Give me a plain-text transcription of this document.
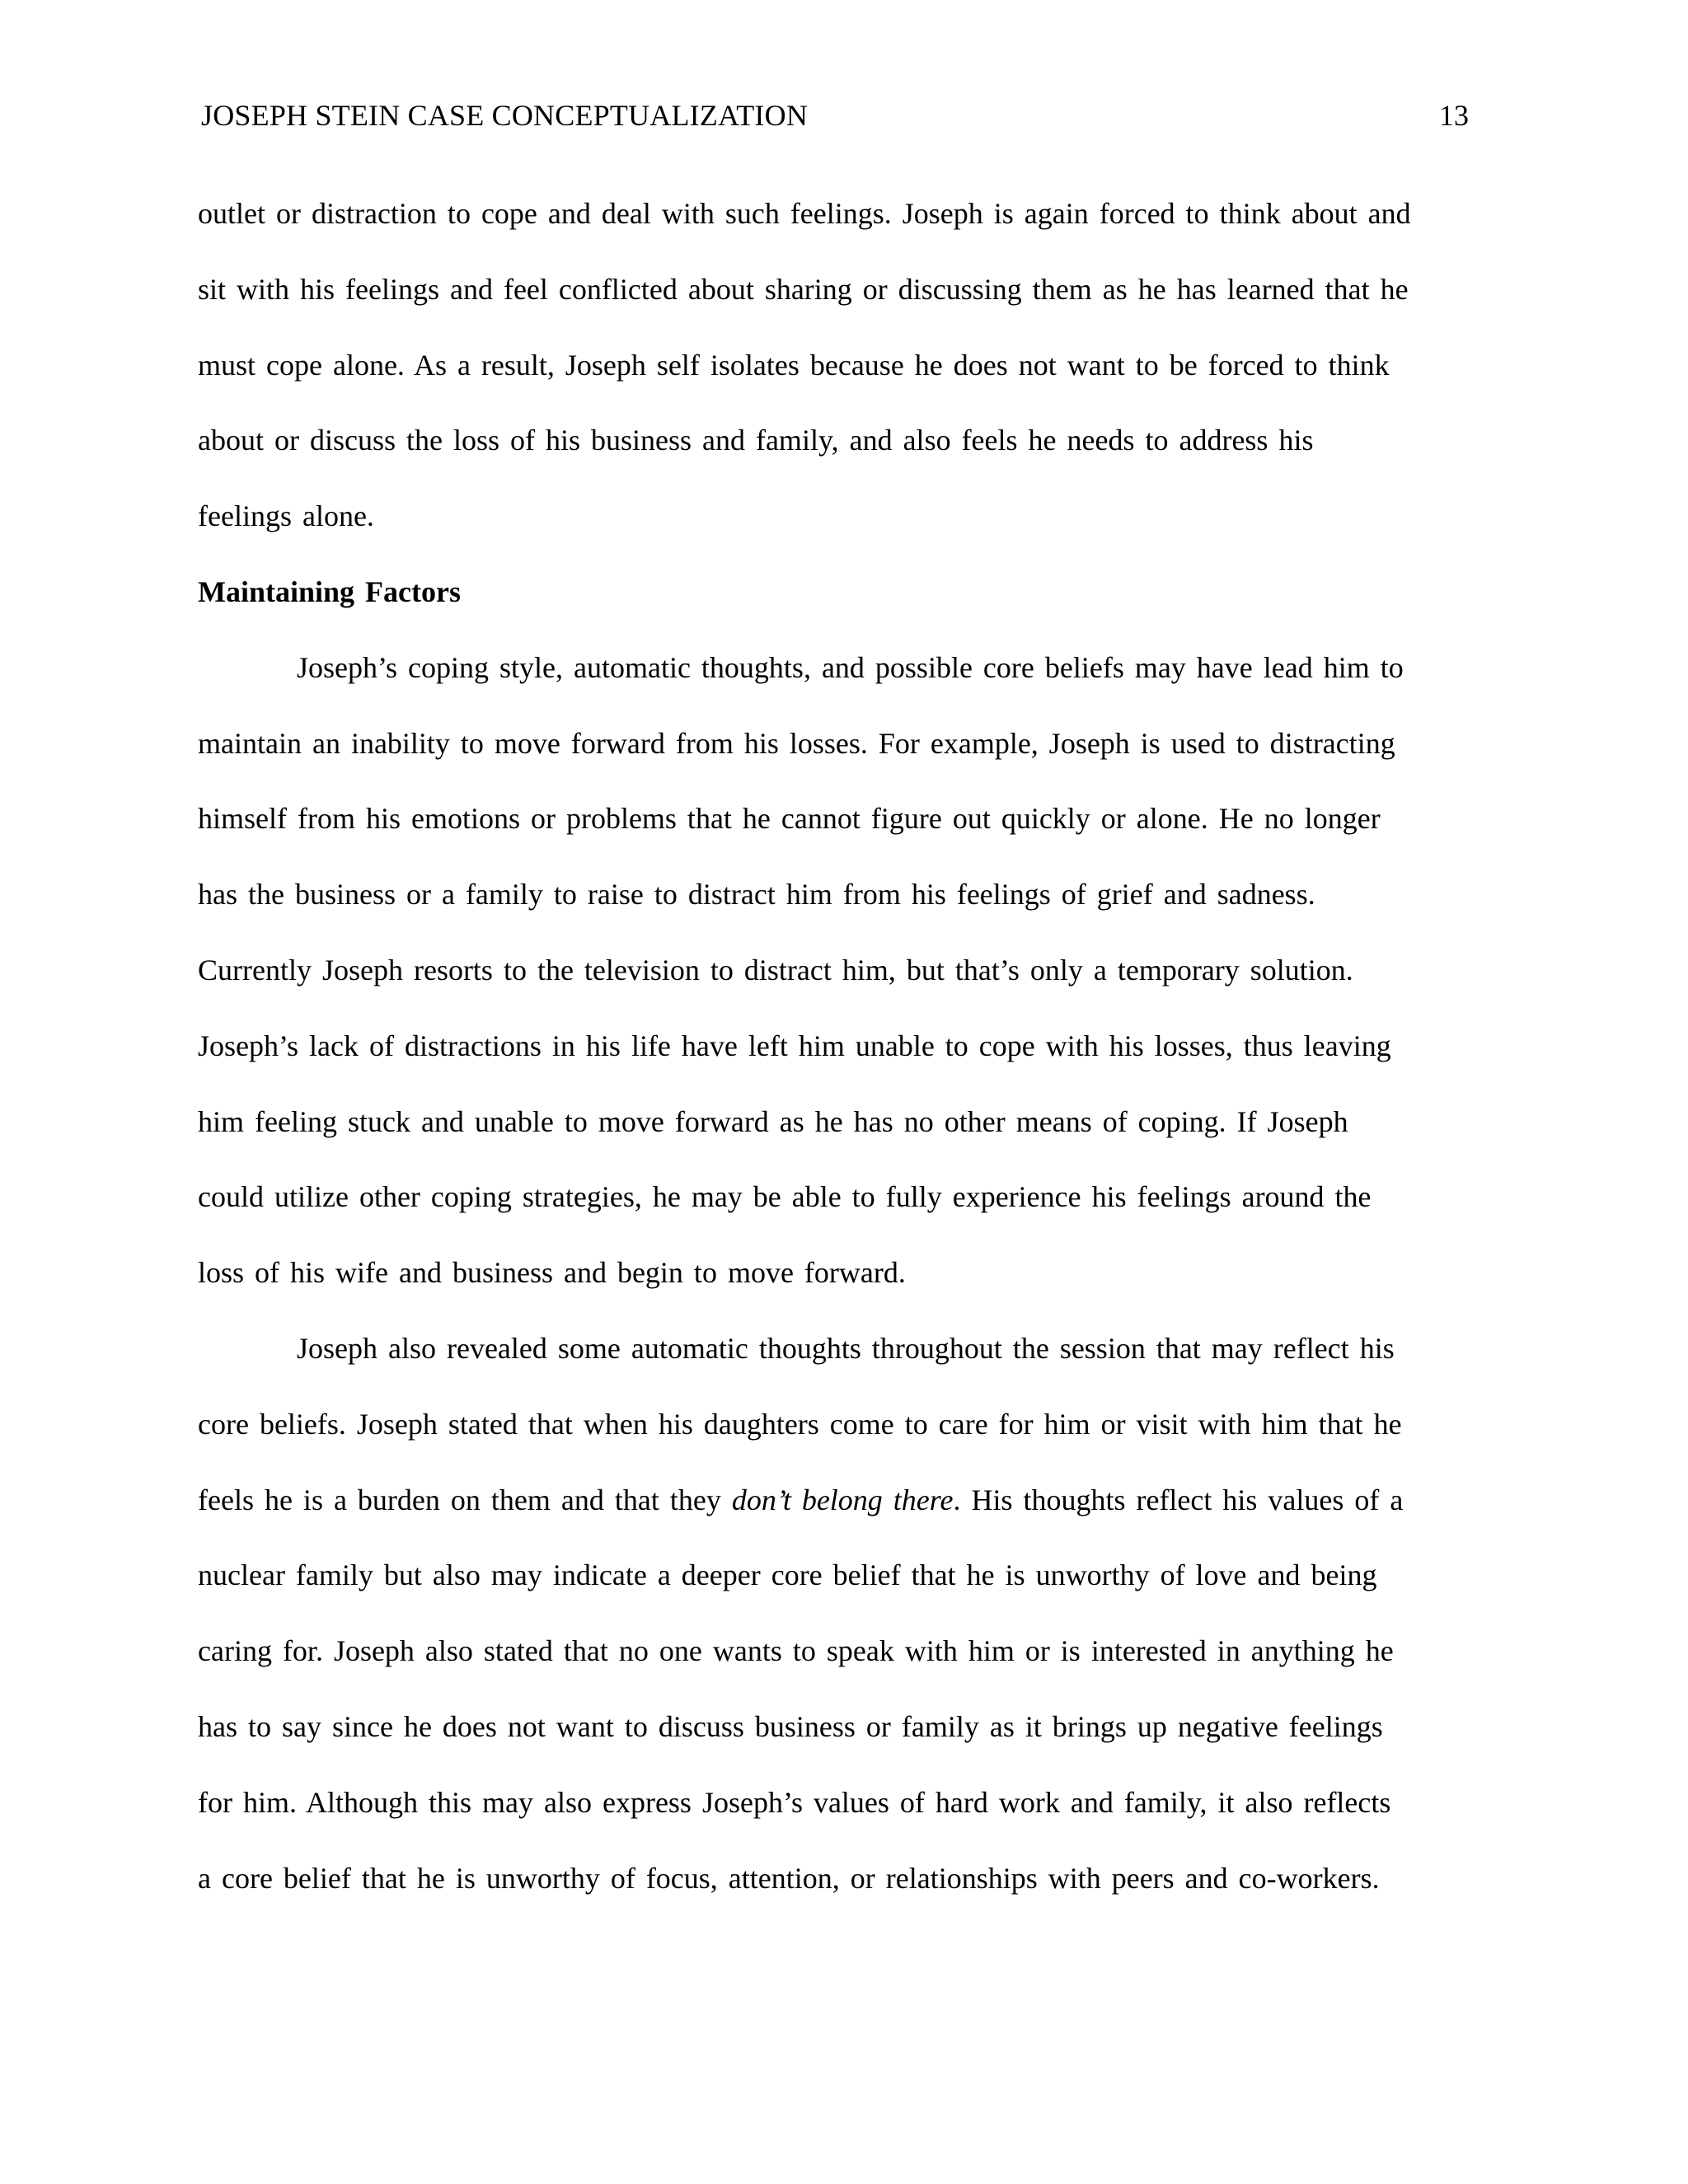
JOSEPH STEIN CASE CONCEPTUALIZATION	13
outlet or distraction to cope and deal with such feelings. Joseph is again forced to think about and
sit with his feelings and feel conflicted about sharing or discussing them as he has learned that he
must cope alone. As a result, Joseph self isolates because he does not want to be forced to think
about or discuss the loss of his business and family, and also feels he needs to address his
feelings alone.
Maintaining Factors
Joseph’s coping style, automatic thoughts, and possible core beliefs may have lead him to
maintain an inability to move forward from his losses. For example, Joseph is used to distracting
himself from his emotions or problems that he cannot figure out quickly or alone. He no longer
has the business or a family to raise to distract him from his feelings of grief and sadness.
Currently Joseph resorts to the television to distract him, but that’s only a temporary solution.
Joseph’s lack of distractions in his life have left him unable to cope with his losses, thus leaving
him feeling stuck and unable to move forward as he has no other means of coping. If Joseph
could utilize other coping strategies, he may be able to fully experience his feelings around the
loss of his wife and business and begin to move forward.
Joseph also revealed some automatic thoughts throughout the session that may reflect his
core beliefs. Joseph stated that when his daughters come to care for him or visit with him that he
feels he is a burden on them and that they don’t belong there. His thoughts reflect his values of a
nuclear family but also may indicate a deeper core belief that he is unworthy of love and being
caring for. Joseph also stated that no one wants to speak with him or is interested in anything he
has to say since he does not want to discuss business or family as it brings up negative feelings
for him. Although this may also express Joseph’s values of hard work and family, it also reflects
a core belief that he is unworthy of focus, attention, or relationships with peers and co-workers.
